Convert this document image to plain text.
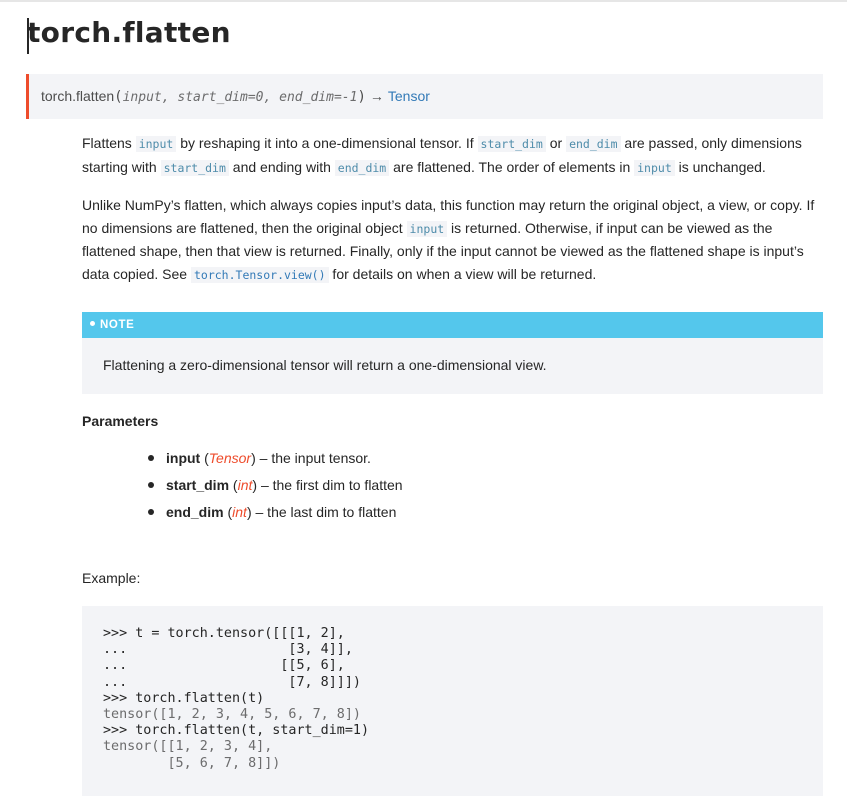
torch.flatten
torch.flatten(input, start_dim=0, end_dim=-1) → Tensor

Flattens input by reshaping it into a one-dimensional tensor. If start_dim or end_dim are passed, only dimensions starting with start_dim and ending with end_dim are flattened. The order of elements in input is unchanged.

Unlike NumPy’s flatten, which always copies input’s data, this function may return the original object, a view, or copy. If no dimensions are flattened, then the original object input is returned. Otherwise, if input can be viewed as the flattened shape, then that view is returned. Finally, only if the input cannot be viewed as the flattened shape is input’s data copied. See torch.Tensor.view() for details on when a view will be returned.

NOTE
Flattening a zero-dimensional tensor will return a one-dimensional view.
Parameters
input (Tensor) – the input tensor.
start_dim (int) – the first dim to flatten
end_dim (int) – the last dim to flatten
Example:
>>> t = torch.tensor([[[1, 2],
...                    [3, 4]],
...                   [[5, 6],
...                    [7, 8]]])
>>> torch.flatten(t)
tensor([1, 2, 3, 4, 5, 6, 7, 8])
>>> torch.flatten(t, start_dim=1)
tensor([[1, 2, 3, 4],
[5, 6, 7, 8]])
